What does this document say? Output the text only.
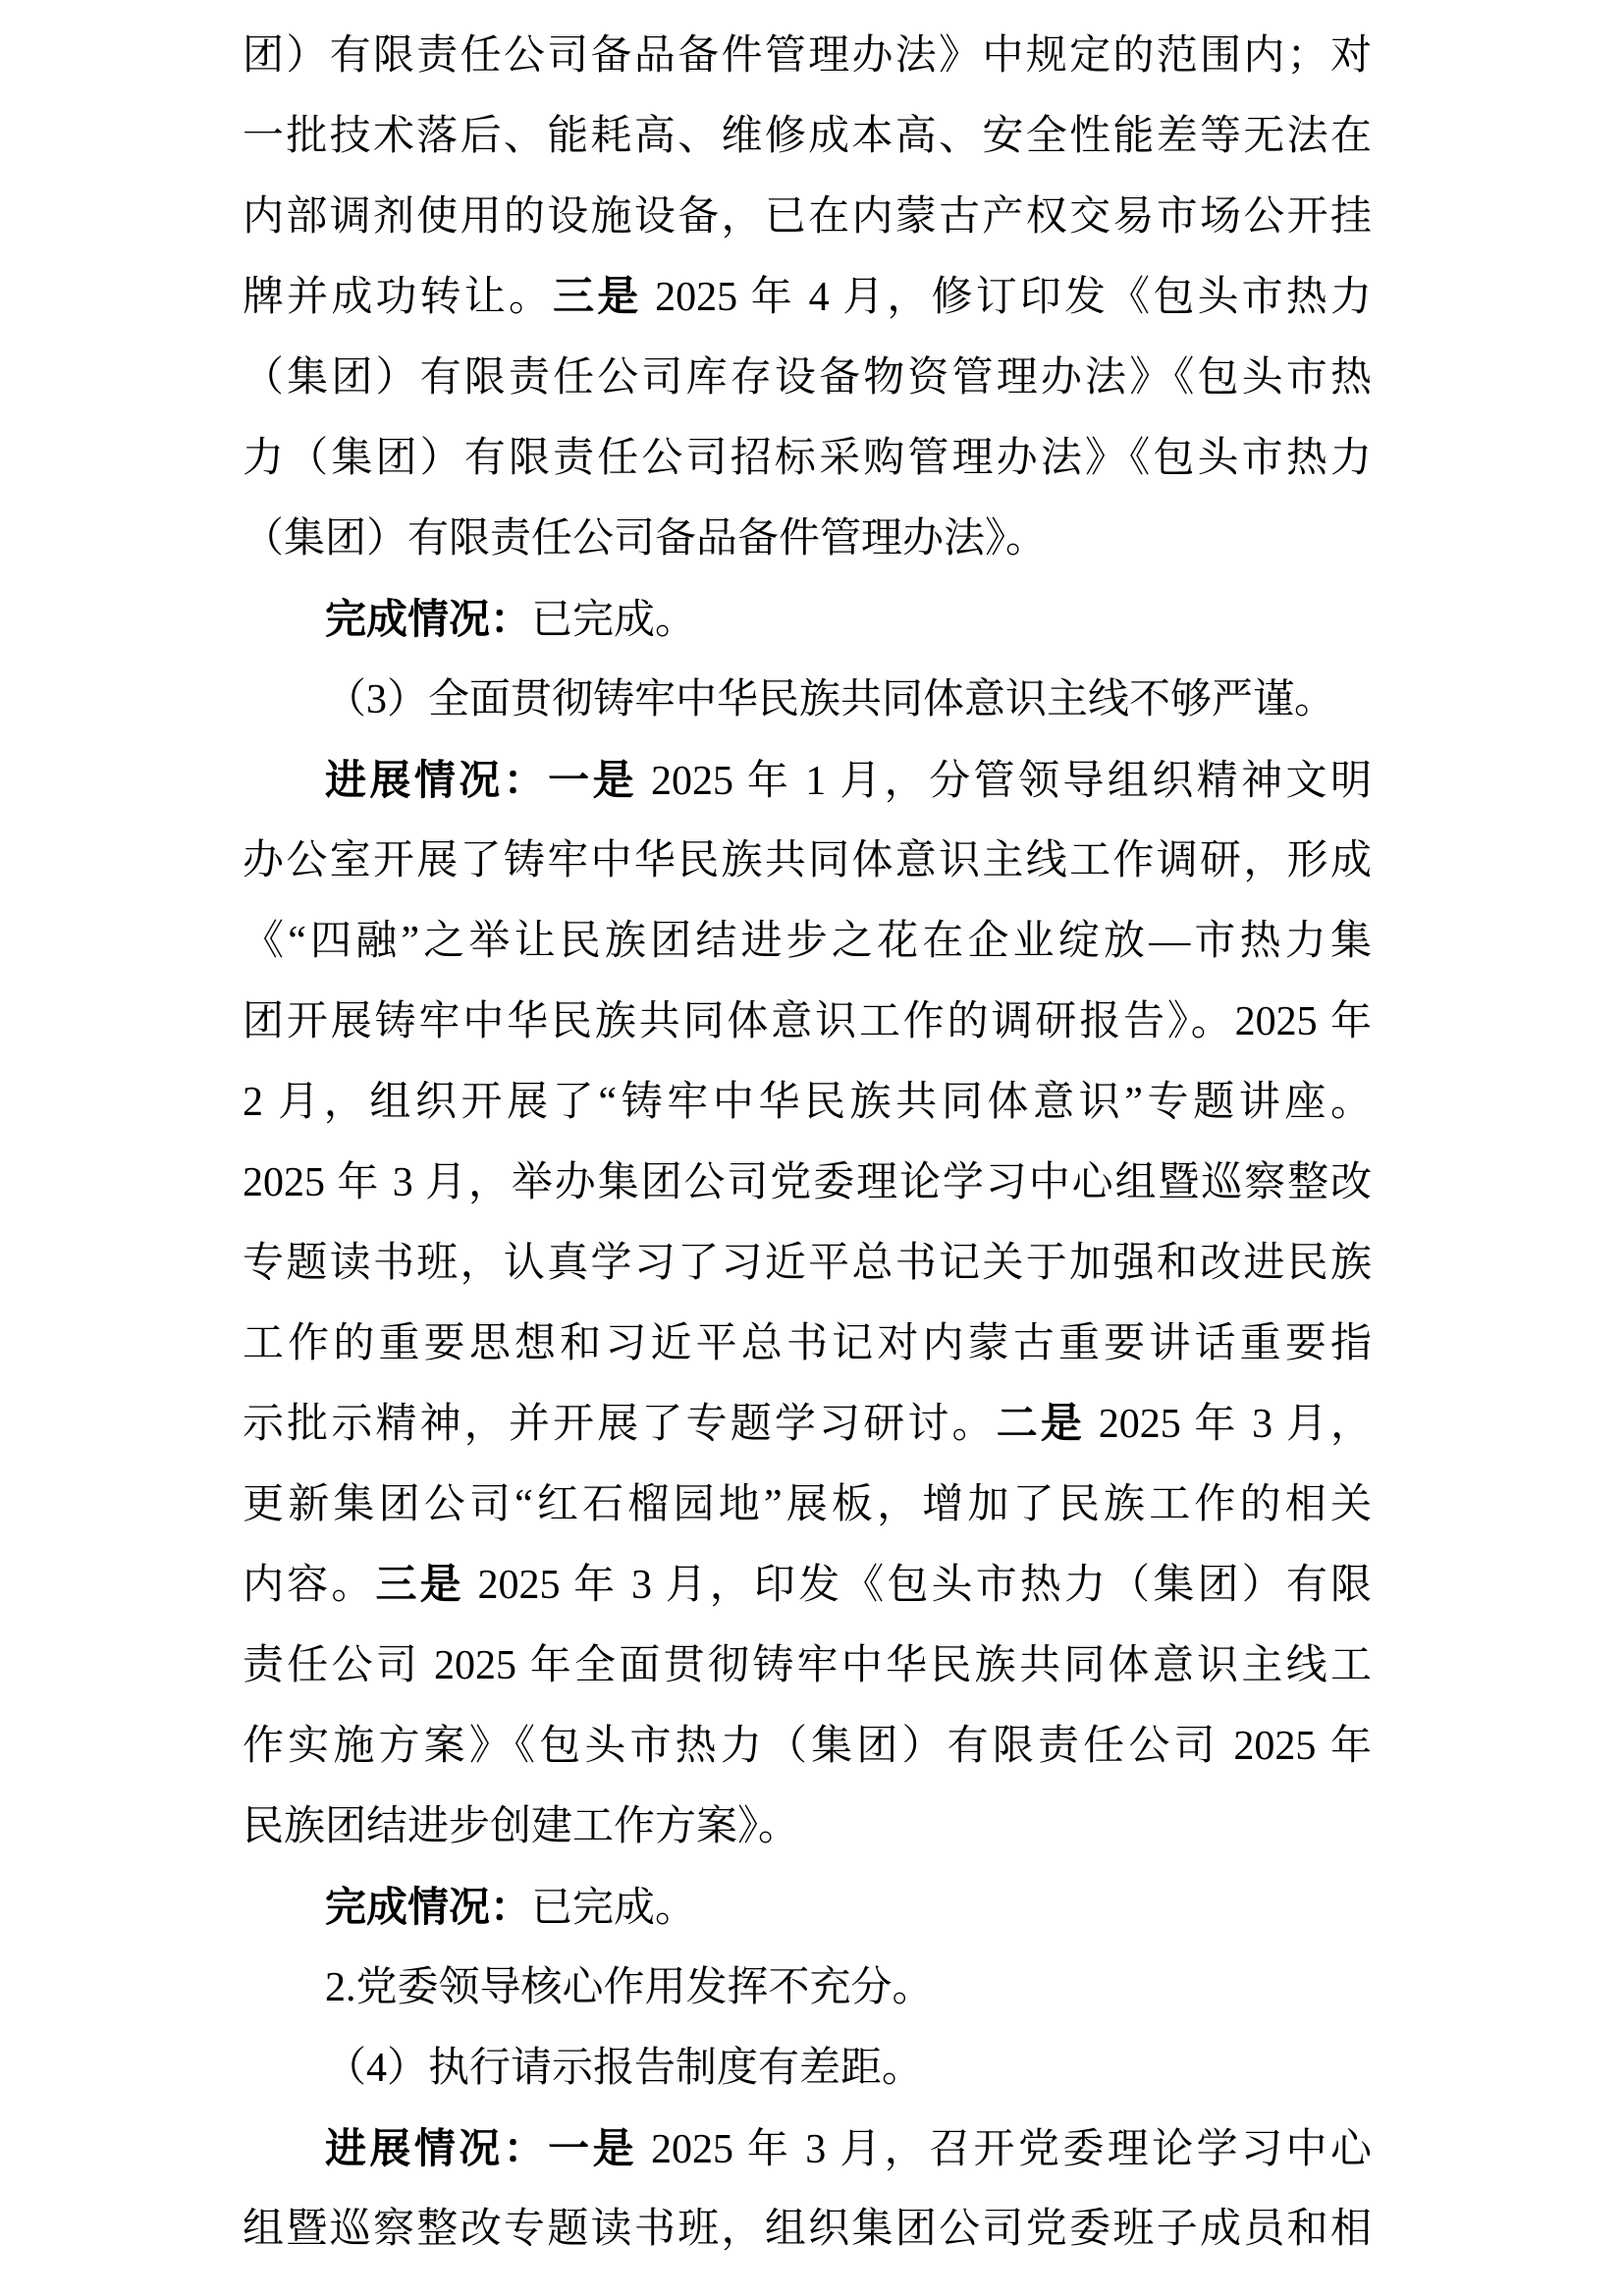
团）有限责任公司备品备件管理办法》中规定的范围内；对
一批技术落后、能耗高、维修成本高、安全性能差等无法在
内部调剂使用的设施设备，已在内蒙古产权交易市场公开挂
牌并成功转让。三是 2025 年 4 月，修订印发《包头市热力
（集团）有限责任公司库存设备物资管理办法》《包头市热
力（集团）有限责任公司招标采购管理办法》《包头市热力
（集团）有限责任公司备品备件管理办法》。
完成情况：已完成。
（3）全面贯彻铸牢中华民族共同体意识主线不够严谨。
进展情况：一是 2025 年 1 月，分管领导组织精神文明
办公室开展了铸牢中华民族共同体意识主线工作调研，形成
《“四融”之举让民族团结进步之花在企业绽放—市热力集
团开展铸牢中华民族共同体意识工作的调研报告》。2025 年
2 月，组织开展了“铸牢中华民族共同体意识”专题讲座。
2025 年 3 月，举办集团公司党委理论学习中心组暨巡察整改
专题读书班，认真学习了习近平总书记关于加强和改进民族
工作的重要思想和习近平总书记对内蒙古重要讲话重要指
示批示精神，并开展了专题学习研讨。二是 2025 年 3 月，
更新集团公司“红石榴园地”展板，增加了民族工作的相关
内容。三是 2025 年 3 月，印发《包头市热力（集团）有限
责任公司 2025 年全面贯彻铸牢中华民族共同体意识主线工
作实施方案》《包头市热力（集团）有限责任公司 2025 年
民族团结进步创建工作方案》。
完成情况：已完成。
2.党委领导核心作用发挥不充分。
（4）执行请示报告制度有差距。
进展情况：一是 2025 年 3 月，召开党委理论学习中心
组暨巡察整改专题读书班，组织集团公司党委班子成员和相
